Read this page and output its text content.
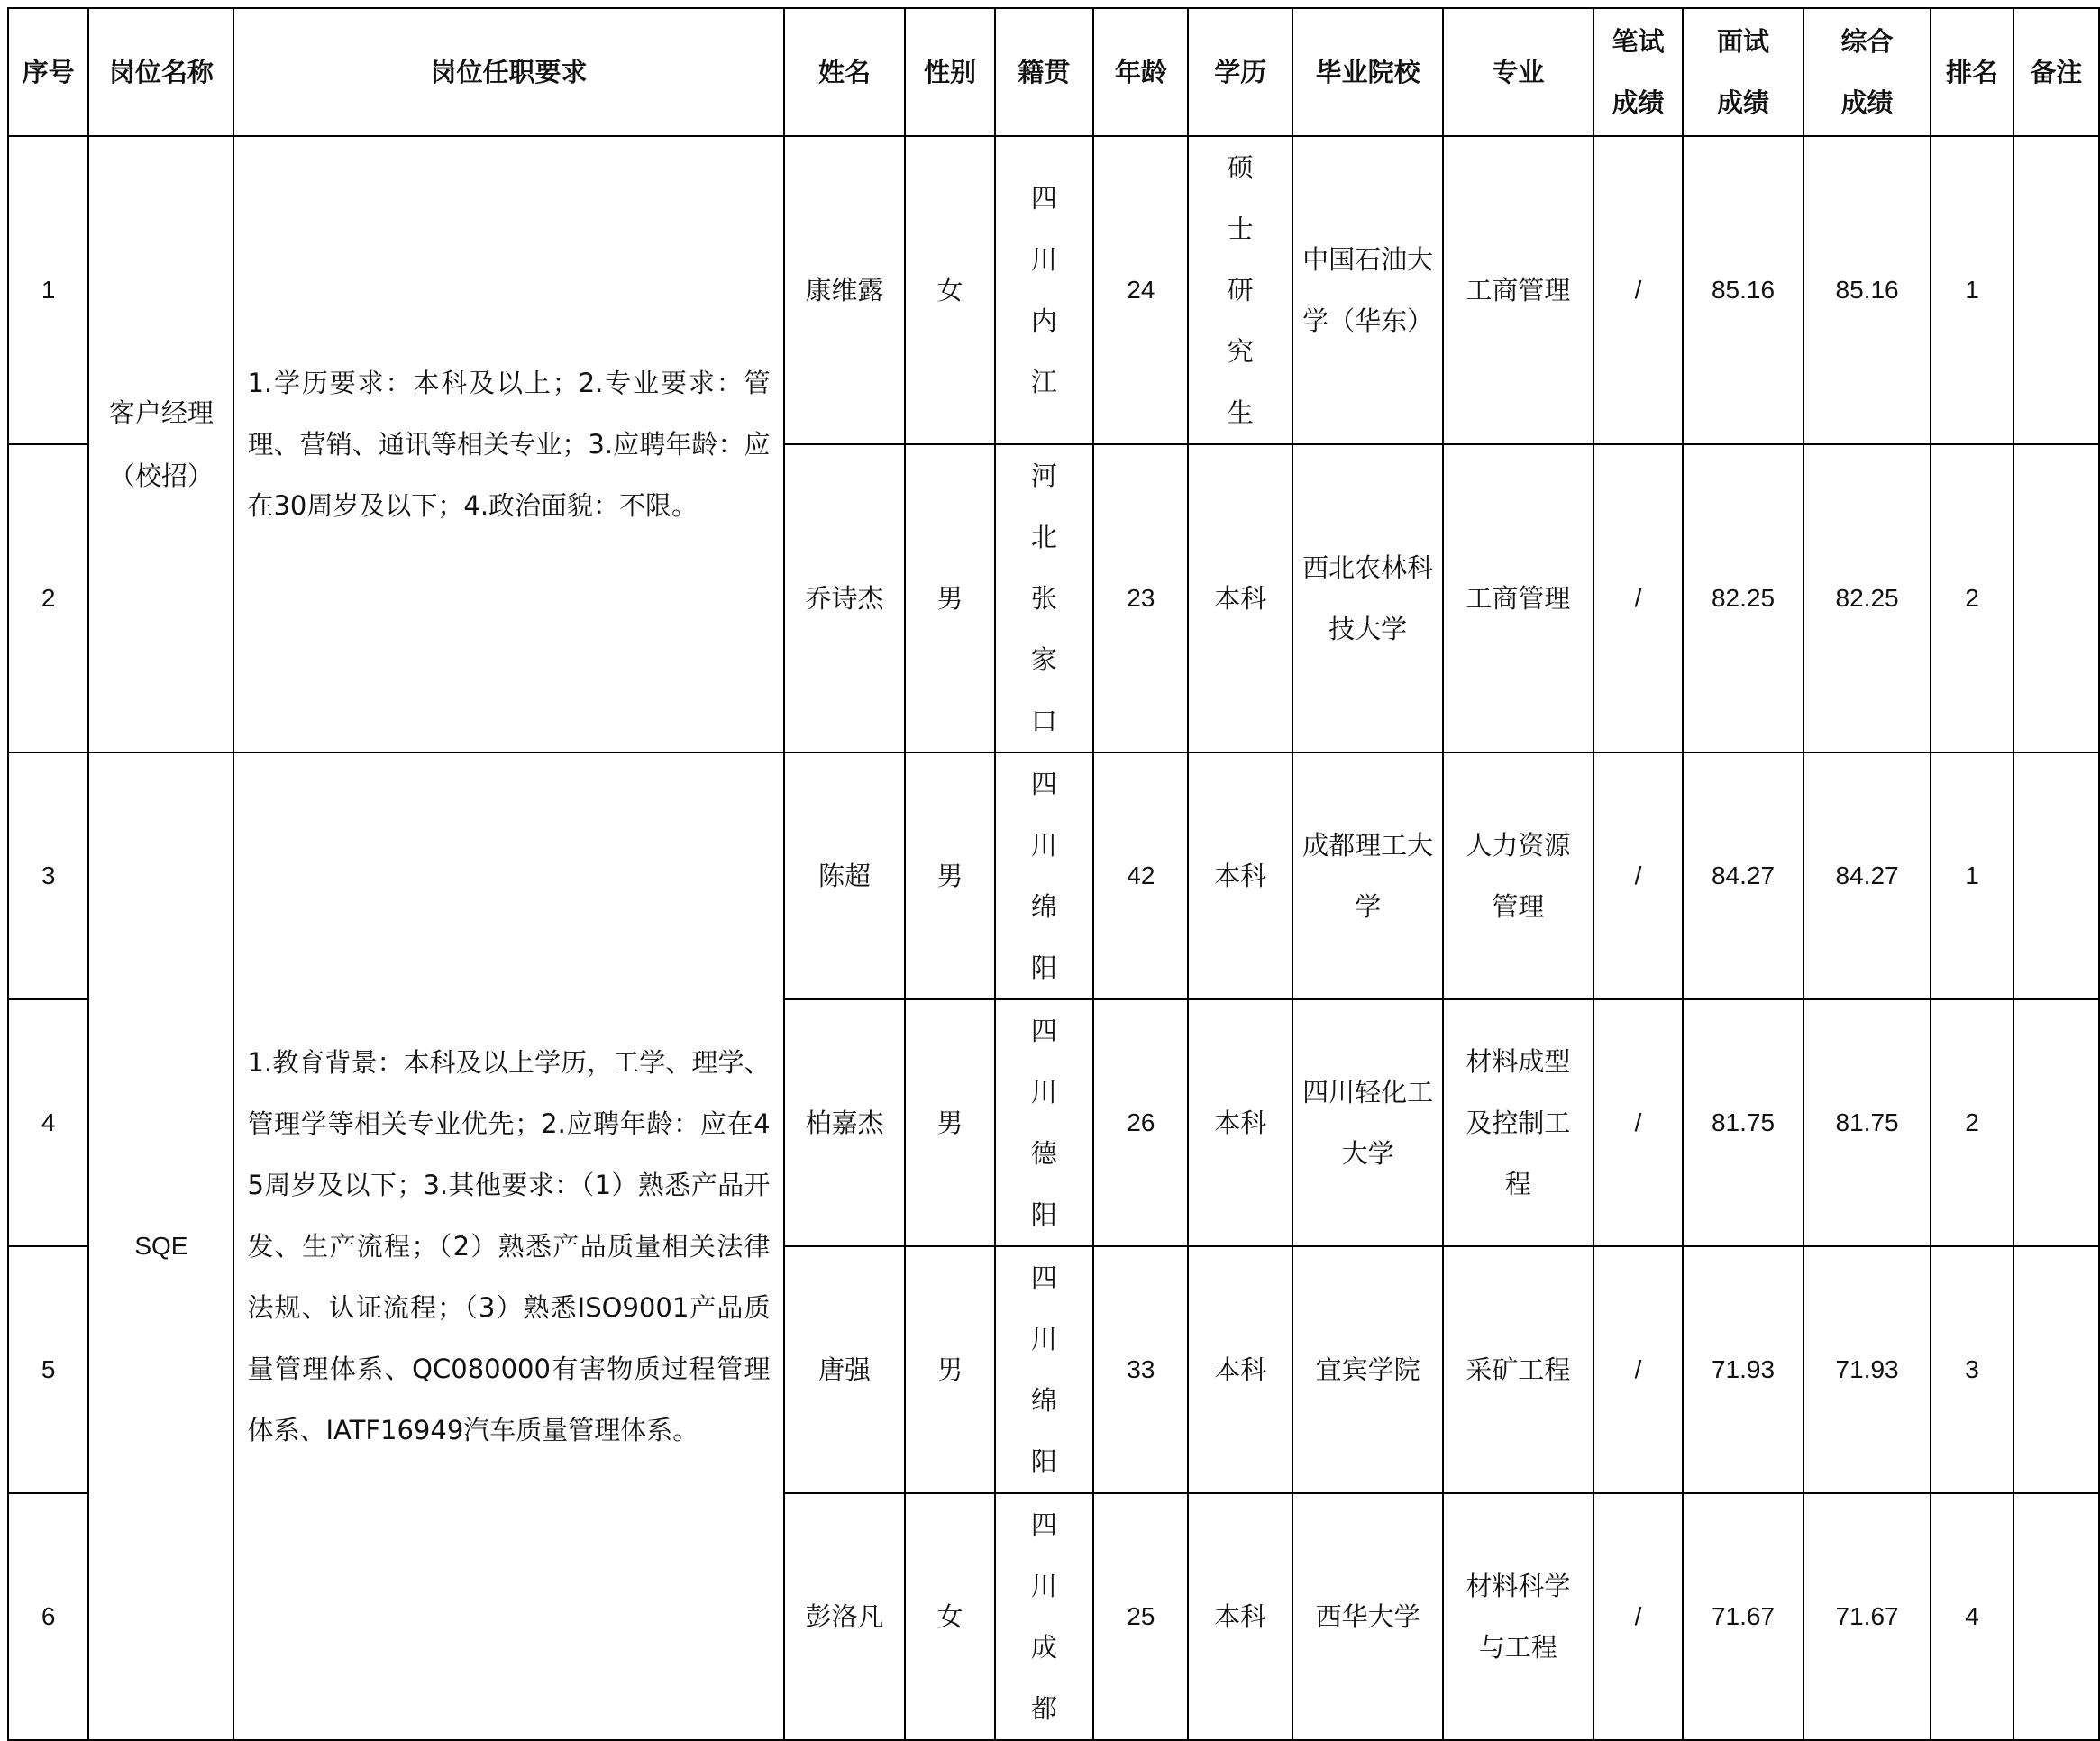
序号	岗位名称	岗位任职要求	姓名	性别	籍贯	年龄	学历	毕业院校	专业	笔试成绩	面试成绩	综合成绩	排名	备注
1	客户经理（校招）	1.学历要求：本科及以上；2.专业要求：管理、营销、通讯等相关专业；3.应聘年龄：应在30周岁及以下；4.政治面貌：不限。	康维露	女	四川内江	24	硕士研究生	中国石油大学（华东）	工商管理	/	85.16	85.16	1	
2			乔诗杰	男	河北张家口	23	本科	西北农林科技大学	工商管理	/	82.25	82.25	2	
3	SQE	1.教育背景：本科及以上学历，工学、理学、管理学等相关专业优先；2.应聘年龄：应在45周岁及以下；3.其他要求：（1）熟悉产品开发、生产流程；（2）熟悉产品质量相关法律法规、认证流程；（3）熟悉ISO9001产品质量管理体系、QC080000有害物质过程管理体系、IATF16949汽车质量管理体系。	陈超	男	四川绵阳	42	本科	成都理工大学	人力资源管理	/	84.27	84.27	1	
4			柏嘉杰	男	四川德阳	26	本科	四川轻化工大学	材料成型及控制工程	/	81.75	81.75	2	
5			唐强	男	四川绵阳	33	本科	宜宾学院	采矿工程	/	71.93	71.93	3	
6			彭洛凡	女	四川成都	25	本科	西华大学	材料科学与工程	/	71.67	71.67	4	
